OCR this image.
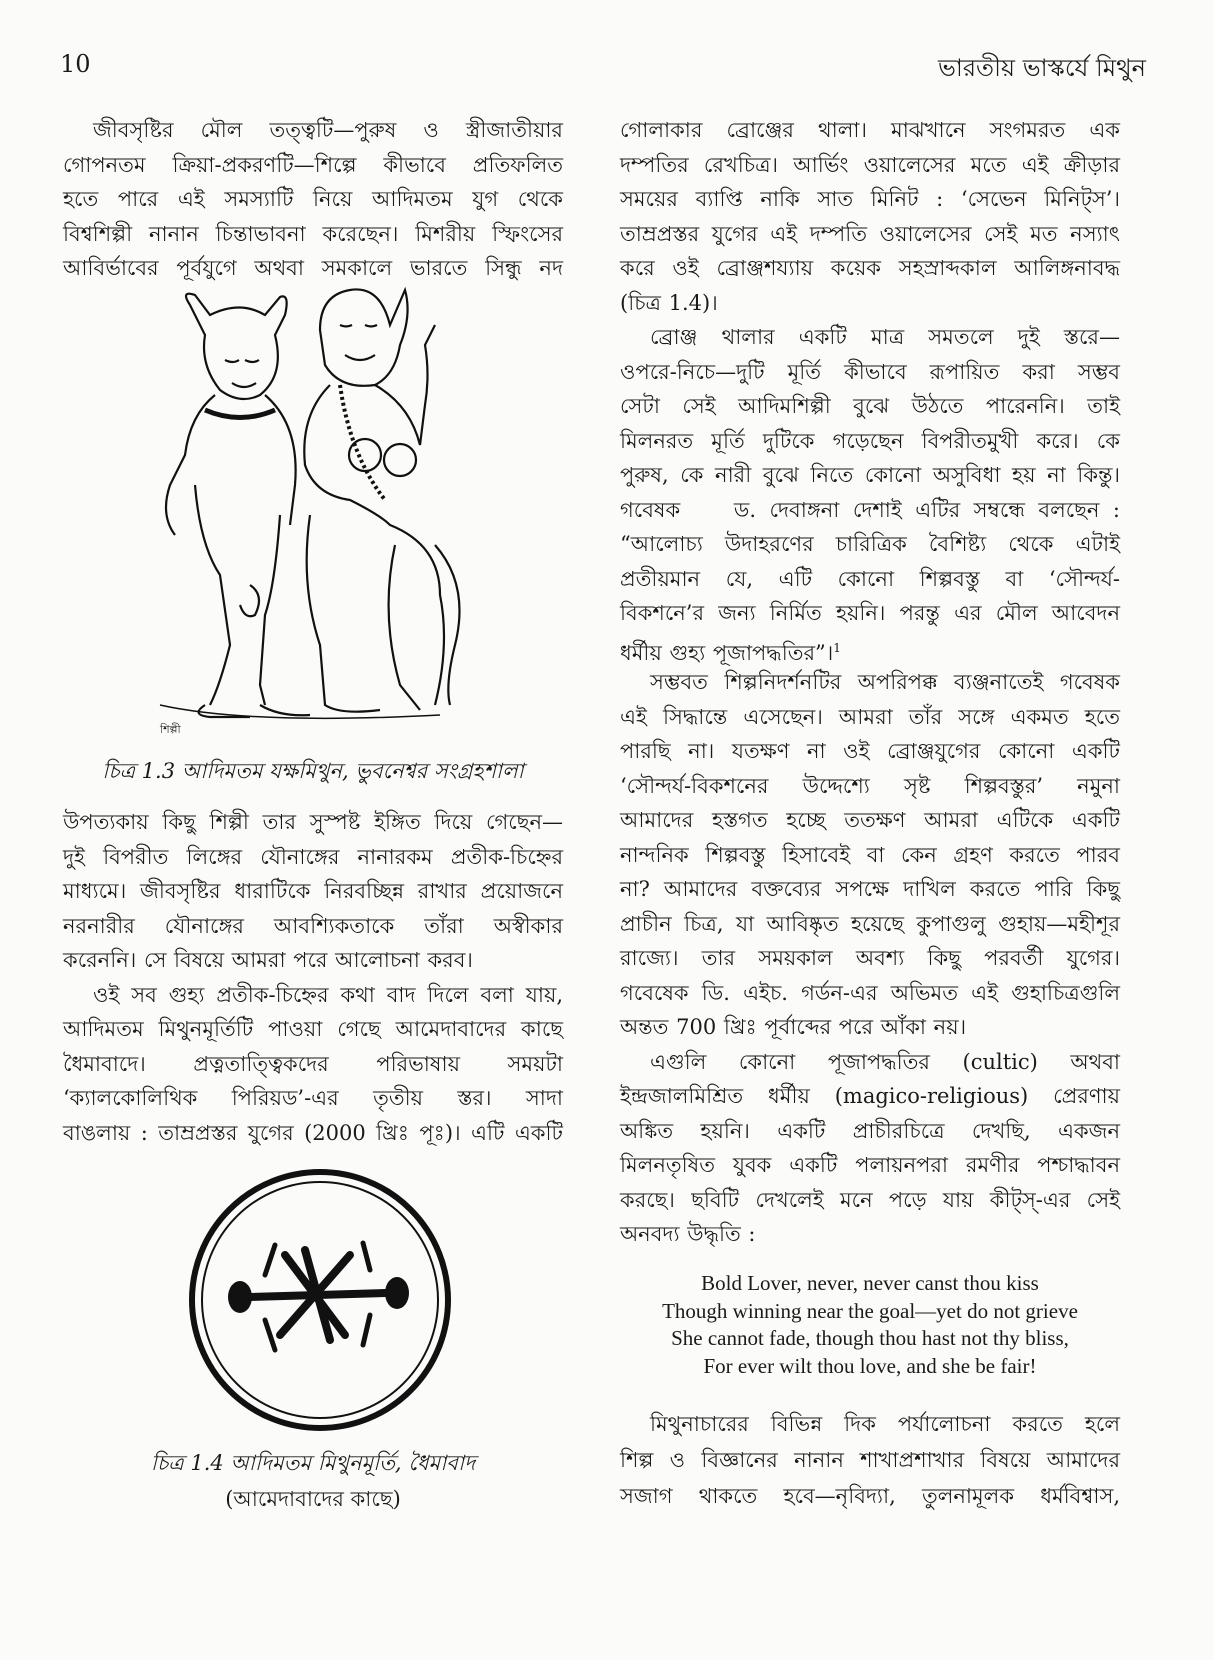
10	ভারতীয় ভাস্কর্যে মিথুন
জীবসৃষ্টির মৌল তত্ত্বটি—পুরুষ ও স্ত্রীজাতীয়ার
গোপনতম ক্রিয়া-প্রকরণটি—শিল্পে কীভাবে প্রতিফলিত
হতে পারে এই সমস্যাটি নিয়ে আদিমতম যুগ থেকে
বিশ্বশিল্পী নানান চিন্তাভাবনা করেছেন। মিশরীয় স্ফিংসের
আবির্ভাবের পূর্বযুগে অথবা সমকালে ভারতে সিন্ধু নদ
শিল্পী
চিত্র 1.3 আদিমতম যক্ষমিথুন, ভুবনেশ্বর সংগ্রহশালা
উপত্যকায় কিছু শিল্পী তার সুস্পষ্ট ইঙ্গিত দিয়ে গেছেন—
দুই বিপরীত লিঙ্গের যৌনাঙ্গের নানারকম প্রতীক-চিহ্নের
মাধ্যমে। জীবসৃষ্টির ধারাটিকে নিরবচ্ছিন্ন রাখার প্রয়োজনে
নরনারীর যৌনাঙ্গের আবশ্যিকতাকে তাঁরা অস্বীকার
করেননি। সে বিষয়ে আমরা পরে আলোচনা করব।
ওই সব গুহ্য প্রতীক-চিহ্নের কথা বাদ দিলে বলা যায়,
আদিমতম মিথুনমূর্তিটি পাওয়া গেছে আমেদাবাদের কাছে
ধৈমাবাদে। প্রত্নতাত্ত্বিকদের পরিভাষায় সময়টা
‘ক্যালকোলিথিক পিরিয়ড’-এর তৃতীয় স্তর। সাদা
বাঙলায় : তাম্রপ্রস্তর যুগের (2000 খ্রিঃ পূঃ)। এটি একটি
চিত্র 1.4 আদিমতম মিথুনমূর্তি, ধৈমাবাদ
(আমেদাবাদের কাছে)
গোলাকার ব্রোঞ্জের থালা। মাঝখানে সংগমরত এক
দম্পতির রেখচিত্র। আর্ভিং ওয়ালেসের মতে এই ক্রীড়ার
সময়ের ব্যাপ্তি নাকি সাত মিনিট : ‘সেভেন মিনিট্স’।
তাম্রপ্রস্তর যুগের এই দম্পতি ওয়ালেসের সেই মত নস্যাৎ
করে ওই ব্রোঞ্জশয্যায় কয়েক সহস্রাব্দকাল আলিঙ্গনাবদ্ধ
(চিত্র 1.4)।
ব্রোঞ্জ থালার একটি মাত্র সমতলে দুই স্তরে—
ওপরে-নিচে—দুটি মূর্তি কীভাবে রূপায়িত করা সম্ভব
সেটা সেই আদিমশিল্পী বুঝে উঠতে পারেননি। তাই
মিলনরত মূর্তি দুটিকে গড়েছেন বিপরীতমুখী করে। কে
পুরুষ, কে নারী বুঝে নিতে কোনো অসুবিধা হয় না কিন্তু।
গবেষক    ড. দেবাঙ্গনা দেশাই এটির সম্বন্ধে বলছেন :
“আলোচ্য উদাহরণের চারিত্রিক বৈশিষ্ট্য থেকে এটাই
প্রতীয়মান যে, এটি কোনো শিল্পবস্তু বা ‘সৌন্দর্য-
বিকশনে’র জন্য নির্মিত হয়নি। পরন্তু এর মৌল আবেদন
ধর্মীয় গুহ্য পূজাপদ্ধতির”।$^1$
সম্ভবত শিল্পনিদর্শনটির অপরিপক্ক ব্যঞ্জনাতেই গবেষক
এই সিদ্ধান্তে এসেছেন। আমরা তাঁর সঙ্গে একমত হতে
পারছি না। যতক্ষণ না ওই ব্রোঞ্জযুগের কোনো একটি
‘সৌন্দর্য-বিকশনের উদ্দেশ্যে সৃষ্ট শিল্পবস্তুর’ নমুনা
আমাদের হস্তগত হচ্ছে ততক্ষণ আমরা এটিকে একটি
নান্দনিক শিল্পবস্তু হিসাবেই বা কেন গ্রহণ করতে পারব
না? আমাদের বক্তব্যের সপক্ষে দাখিল করতে পারি কিছু
প্রাচীন চিত্র, যা আবিষ্কৃত হয়েছে কুপাগুলু গুহায়—মহীশূর
রাজ্যে। তার সময়কাল অবশ্য কিছু পরবর্তী যুগের।
গবেষেক ডি. এইচ. গর্ডন-এর অভিমত এই গুহাচিত্রগুলি
অন্তত 700 খ্রিঃ পূর্বাব্দের পরে আঁকা নয়।
এগুলি কোনো পূজাপদ্ধতির (cultic) অথবা
ইন্দ্রজালমিশ্রিত ধর্মীয় (magico-religious) প্রেরণায়
অঙ্কিত হয়নি। একটি প্রাচীরচিত্রে দেখছি, একজন
মিলনতৃষিত যুবক একটি পলায়নপরা রমণীর পশ্চাদ্ধাবন
করছে। ছবিটি দেখলেই মনে পড়ে যায় কীট্স্-এর সেই
অনবদ্য উদ্ধৃতি :
Bold Lover, never, never canst thou kiss
Though winning near the goal—yet do not grieve
She cannot fade, though thou hast not thy bliss,
For ever wilt thou love, and she be fair!
মিথুনাচারের বিভিন্ন দিক পর্যালোচনা করতে হলে
শিল্প ও বিজ্ঞানের নানান শাখাপ্রশাখার বিষয়ে আমাদের
সজাগ থাকতে হবে—নৃবিদ্যা, তুলনামূলক ধর্মবিশ্বাস,
